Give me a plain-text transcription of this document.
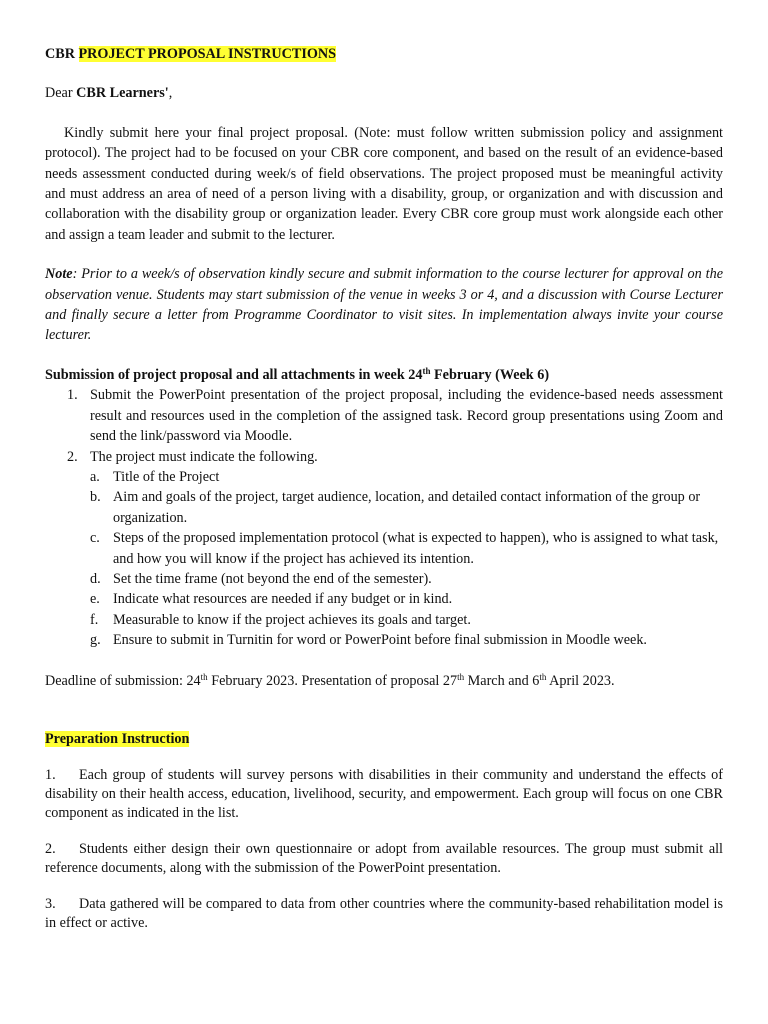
CBR PROJECT PROPOSAL INSTRUCTIONS

Dear CBR Learners',

Kindly submit here your final project proposal. (Note: must follow written submission policy and assignment protocol). The project had to be focused on your CBR core component, and based on the result of an evidence-based needs assessment conducted during week/s of field observations. The project proposed must be meaningful activity and must address an area of need of a person living with a disability, group, or organization and with discussion and collaboration with the disability group or organization leader. Every CBR core group must work alongside each other and assign a team leader and submit to the lecturer.

Note: Prior to a week/s of observation kindly secure and submit information to the course lecturer for approval on the observation venue. Students may start submission of the venue in weeks 3 or 4, and a discussion with Course Lecturer and finally secure a letter from Programme Coordinator to visit sites. In implementation always invite your course lecturer.

Submission of project proposal and all attachments in week 24th February (Week 6)

1. Submit the PowerPoint presentation of the project proposal, including the evidence-based needs assessment result and resources used in the completion of the assigned task. Record group presentations using Zoom and send the link/password via Moodle.
2. The project must indicate the following.
a. Title of the Project
b. Aim and goals of the project, target audience, location, and detailed contact information of the group or organization.
c. Steps of the proposed implementation protocol (what is expected to happen), who is assigned to what task, and how you will know if the project has achieved its intention.
d. Set the time frame (not beyond the end of the semester).
e. Indicate what resources are needed if any budget or in kind.
f. Measurable to know if the project achieves its goals and target.
g. Ensure to submit in Turnitin for word or PowerPoint before final submission in Moodle week.

Deadline of submission: 24th February 2023. Presentation of proposal 27th March and 6th April 2023.

Preparation Instruction

1. Each group of students will survey persons with disabilities in their community and understand the effects of disability on their health access, education, livelihood, security, and empowerment. Each group will focus on one CBR component as indicated in the list.

2. Students either design their own questionnaire or adopt from available resources. The group must submit all reference documents, along with the submission of the PowerPoint presentation.

3. Data gathered will be compared to data from other countries where the community-based rehabilitation model is in effect or active.
